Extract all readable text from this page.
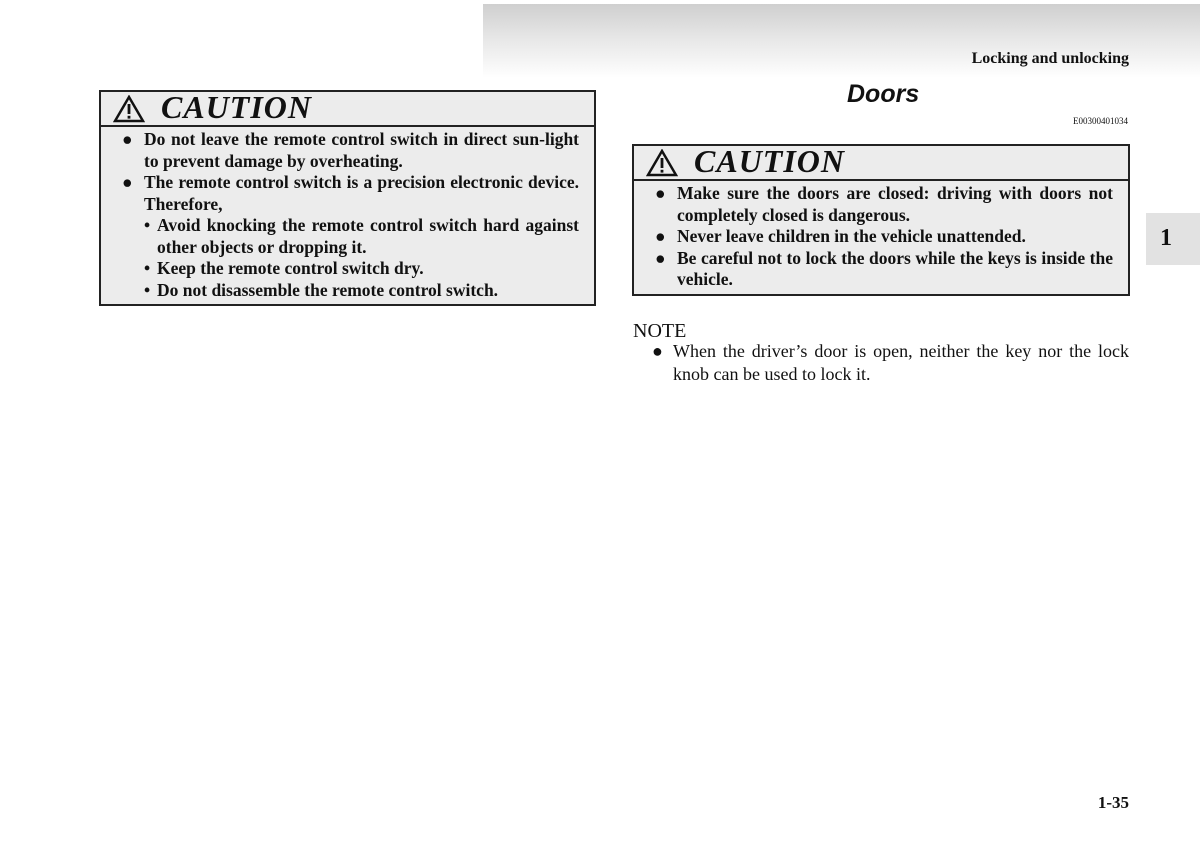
Locking and unlocking
1
CAUTION
● Do not leave the remote control switch in direct sun-light to prevent damage by overheating.
● The remote control switch is a precision electronic device. Therefore,
• Avoid knocking the remote control switch hard against other objects or dropping it.
• Keep the remote control switch dry.
• Do not disassemble the remote control switch.
Doors
E00300401034
CAUTION
● Make sure the doors are closed: driving with doors not completely closed is dangerous.
● Never leave children in the vehicle unattended.
● Be careful not to lock the doors while the keys is inside the vehicle.
NOTE
● When the driver’s door is open, neither the key nor the lock knob can be used to lock it.
1-35
